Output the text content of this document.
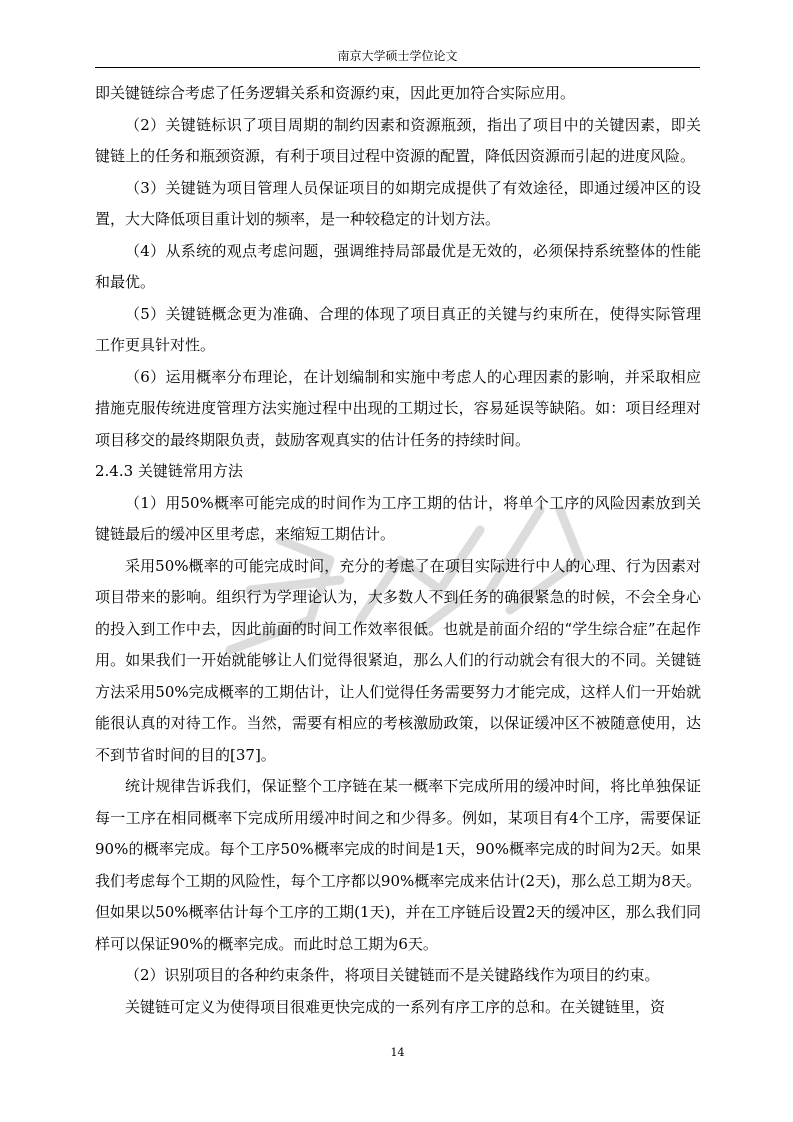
南京大学硕士学位论文

即关键链综合考虑了任务逻辑关系和资源约束，因此更加符合实际应用。

（2）关键链标识了项目周期的制约因素和资源瓶颈，指出了项目中的关键因素，即关键链上的任务和瓶颈资源，有利于项目过程中资源的配置，降低因资源而引起的进度风险。

（3）关键链为项目管理人员保证项目的如期完成提供了有效途径，即通过缓冲区的设置，大大降低项目重计划的频率，是一种较稳定的计划方法。

（4）从系统的观点考虑问题，强调维持局部最优是无效的，必须保持系统整体的性能和最优。

（5）关键链概念更为准确、合理的体现了项目真正的关键与约束所在，使得实际管理工作更具针对性。

（6）运用概率分布理论，在计划编制和实施中考虑人的心理因素的影响，并采取相应措施克服传统进度管理方法实施过程中出现的工期过长，容易延误等缺陷。如：项目经理对项目移交的最终期限负责，鼓励客观真实的估计任务的持续时间。

2.4.3 关键链常用方法

（1）用50%概率可能完成的时间作为工序工期的估计，将单个工序的风险因素放到关键链最后的缓冲区里考虑，来缩短工期估计。

采用50%概率的可能完成时间，充分的考虑了在项目实际进行中人的心理、行为因素对项目带来的影响。组织行为学理论认为，大多数人不到任务的确很紧急的时候，不会全身心的投入到工作中去，因此前面的时间工作效率很低。也就是前面介绍的“学生综合症”在起作用。如果我们一开始就能够让人们觉得很紧迫，那么人们的行动就会有很大的不同。关键链方法采用50%完成概率的工期估计，让人们觉得任务需要努力才能完成，这样人们一开始就能很认真的对待工作。当然，需要有相应的考核激励政策，以保证缓冲区不被随意使用，达不到节省时间的目的[37]。

统计规律告诉我们，保证整个工序链在某一概率下完成所用的缓冲时间，将比单独保证每一工序在相同概率下完成所用缓冲时间之和少得多。例如，某项目有4个工序，需要保证90%的概率完成。每个工序50%概率完成的时间是1天，90%概率完成的时间为2天。如果我们考虑每个工期的风险性，每个工序都以90%概率完成来估计(2天)，那么总工期为8天。但如果以50%概率估计每个工序的工期(1天)，并在工序链后设置2天的缓冲区，那么我们同样可以保证90%的概率完成。而此时总工期为6天。

（2）识别项目的各种约束条件，将项目关键链而不是关键路线作为项目的约束。

关键链可定义为使得项目很难更快完成的一系列有序工序的总和。在关键链里，资

14
